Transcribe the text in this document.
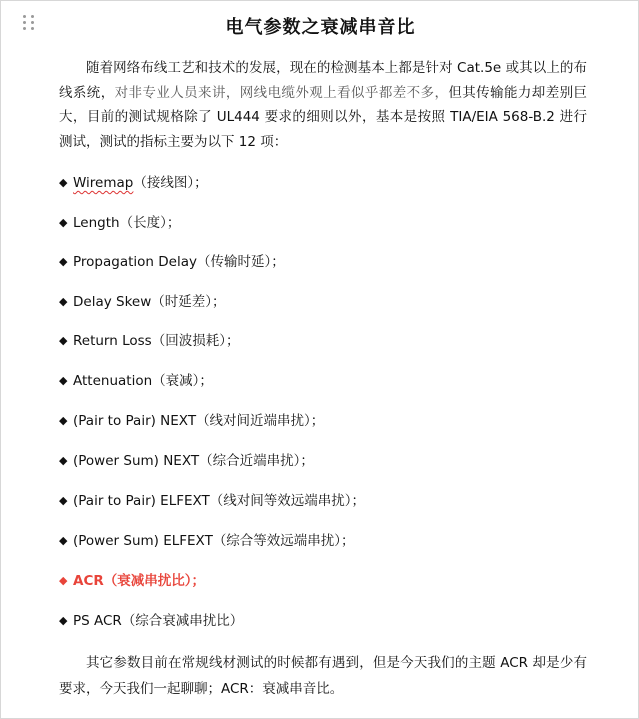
电气参数之衰减串音比

随着网络布线工艺和技术的发展，现在的检测基本上都是针对 Cat.5e 或其以上的布线系统，对非专业人员来讲，网线电缆外观上看似乎都差不多，但其传输能力却差别巨大，目前的测试规格除了 UL444 要求的细则以外，基本是按照 TIA/EIA 568-B.2 进行测试，测试的指标主要为以下 12 项：

◆ Wiremap（接线图）；
◆ Length（长度）；
◆ Propagation Delay（传输时延）；
◆ Delay Skew（时延差）；
◆ Return Loss（回波损耗）；
◆ Attenuation（衰减）；
◆ (Pair to Pair) NEXT（线对间近端串扰）；
◆ (Power Sum) NEXT（综合近端串扰）；
◆ (Pair to Pair) ELFEXT（线对间等效远端串扰）；
◆ (Power Sum) ELFEXT（综合等效远端串扰）；
◆ ACR（衰减串扰比）；
◆ PS ACR（综合衰减串扰比）

其它参数目前在常规线材测试的时候都有遇到，但是今天我们的主题 ACR 却是少有要求，今天我们一起聊聊；ACR：衰减串音比。
